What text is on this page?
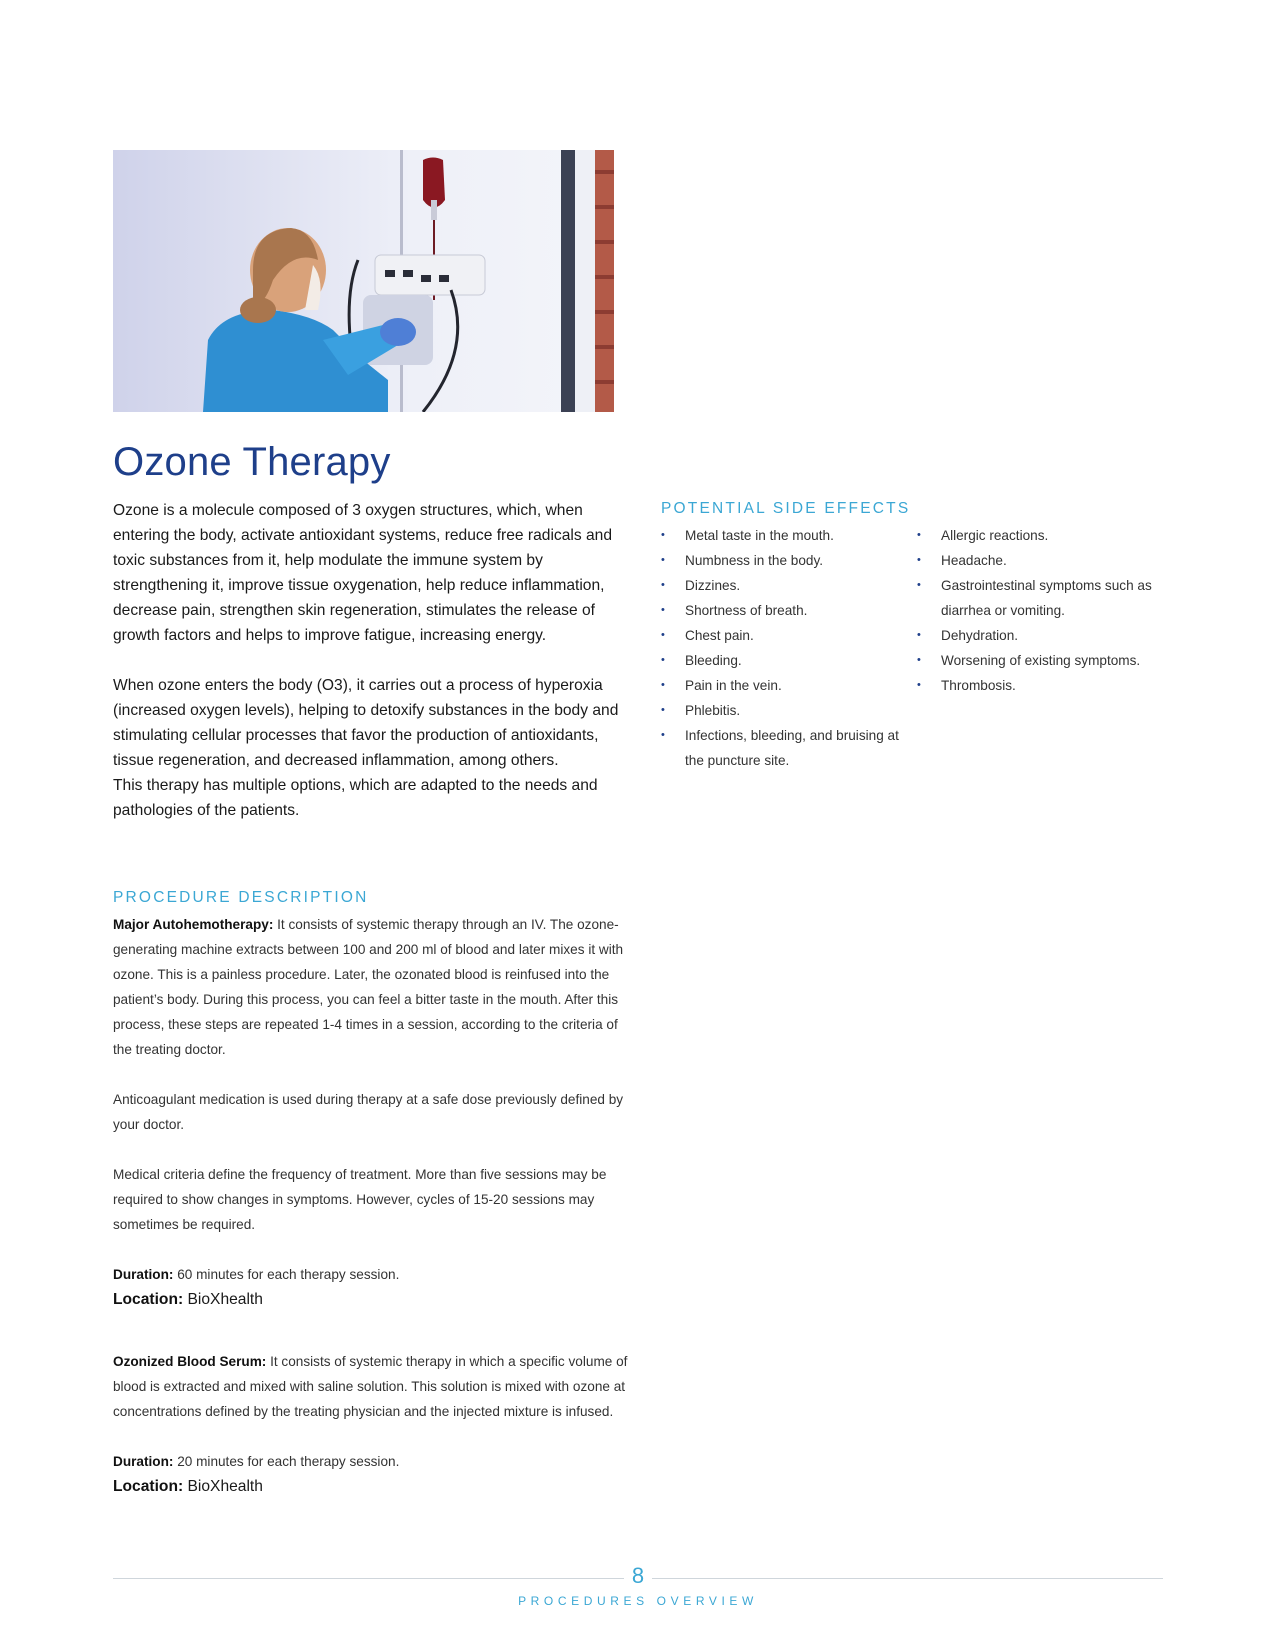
Ozone Therapy

Ozone is a molecule composed of 3 oxygen structures, which, when entering the body, activate antioxidant systems, reduce free radicals and toxic substances from it, help modulate the immune system by strengthening it, improve tissue oxygenation, help reduce inflammation, decrease pain, strengthen skin regeneration, stimulates the release of growth factors and helps to improve fatigue, increasing energy.

When ozone enters the body (O3), it carries out a process of hyperoxia (increased oxygen levels), helping to detoxify substances in the body and stimulating cellular processes that favor the production of antioxidants, tissue regeneration, and decreased inflammation, among others.

This therapy has multiple options, which are adapted to the needs and pathologies of the patients.

PROCEDURE DESCRIPTION

Major Autohemotherapy: It consists of systemic therapy through an IV. The ozone-generating machine extracts between 100 and 200 ml of blood and later mixes it with ozone. This is a painless procedure. Later, the ozonated blood is reinfused into the patient’s body. During this process, you can feel a bitter taste in the mouth. After this process, these steps are repeated 1-4 times in a session, according to the criteria of the treating doctor.

Anticoagulant medication is used during therapy at a safe dose previously defined by your doctor.

Medical criteria define the frequency of treatment. More than five sessions may be required to show changes in symptoms. However, cycles of 15-20 sessions may sometimes be required.

Duration: 60 minutes for each therapy session.

Location: BioXhealth

Ozonized Blood Serum: It consists of systemic therapy in which a specific volume of blood is extracted and mixed with saline solution. This solution is mixed with ozone at concentrations defined by the treating physician and the injected mixture is infused.

Duration: 20 minutes for each therapy session.

Location: BioXhealth

POTENTIAL SIDE EFFECTS
• Metal taste in the mouth.
• Numbness in the body.
• Dizzines.
• Shortness of breath.
• Chest pain.
• Bleeding.
• Pain in the vein.
• Phlebitis.
• Infections, bleeding, and bruising at the puncture site.
• Allergic reactions.
• Headache.
• Gastrointestinal symptoms such as diarrhea or vomiting.
• Dehydration.
• Worsening of existing symptoms.
• Thrombosis.
8
PROCEDURES OVERVIEW
